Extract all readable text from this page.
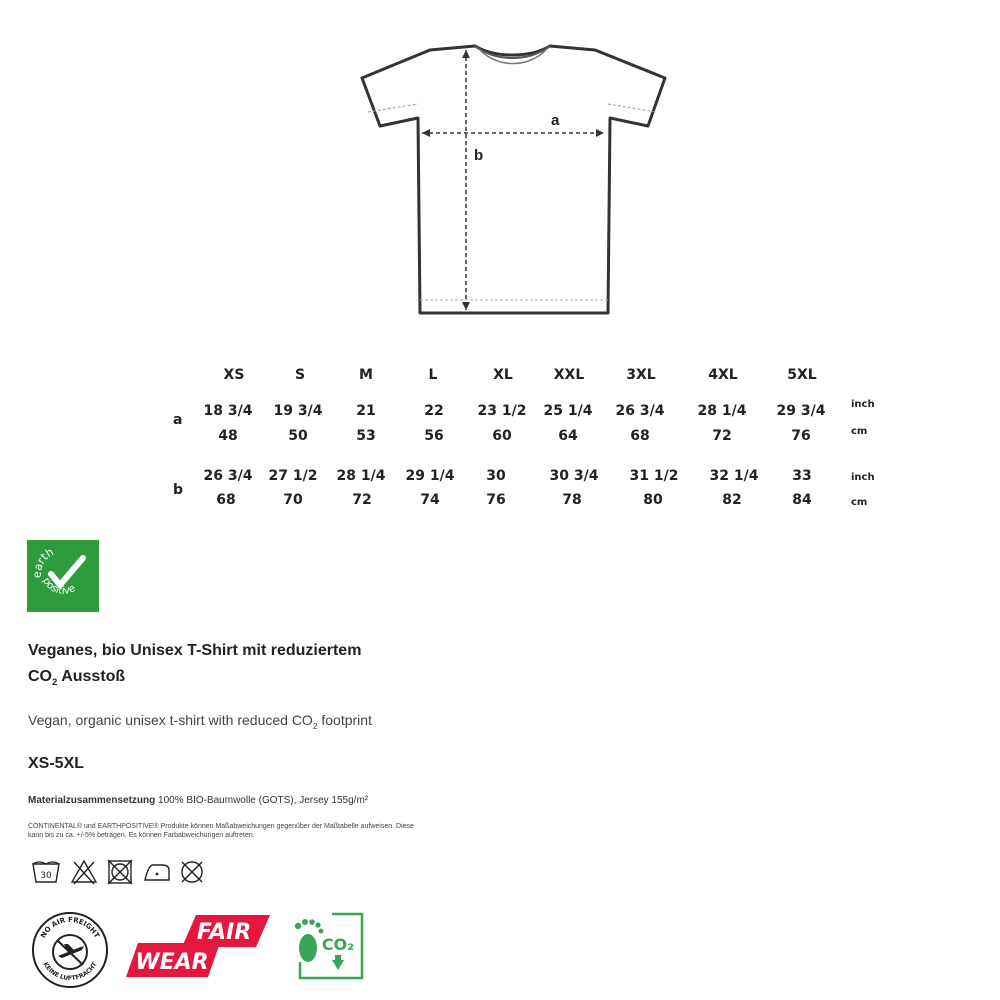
a
b
XS	S	M	L	XL	XXL	3XL	4XL	5XL
a
18 3/4	19 3/4	21	22	23 1/2	25 1/4	26 3/4	28 1/4	29 3/4	inch
48	50	53	56	60	64	68	72	76	cm
b
26 3/4	27 1/2	28 1/4	29 1/4	30	30 3/4	31 1/2	32 1/4	33	inch
68	70	72	74	76	78	80	82	84	cm
earth
positive
Veganes, bio Unisex T-Shirt mit reduziertem
$CO_2$ Ausstoß
Vegan, organic unisex t-shirt with reduced $CO_2$ footprint
XS-5XL
Materialzusammensetzung 100% BIO-Baumwolle (GOTS), Jersey 155g/m²
CONTINENTAL® und EARTHPOSITIVE® Produkte können Maßabweichungen gegenüber der Maßtabelle aufweisen. Diese kann bis zu ca. +/-5% betragen. Es können Farbabweichungen auftreten.
30
NO AIR FREIGHT
KEINE LUFTFRACHT
FAIR
WEAR
CO₂
